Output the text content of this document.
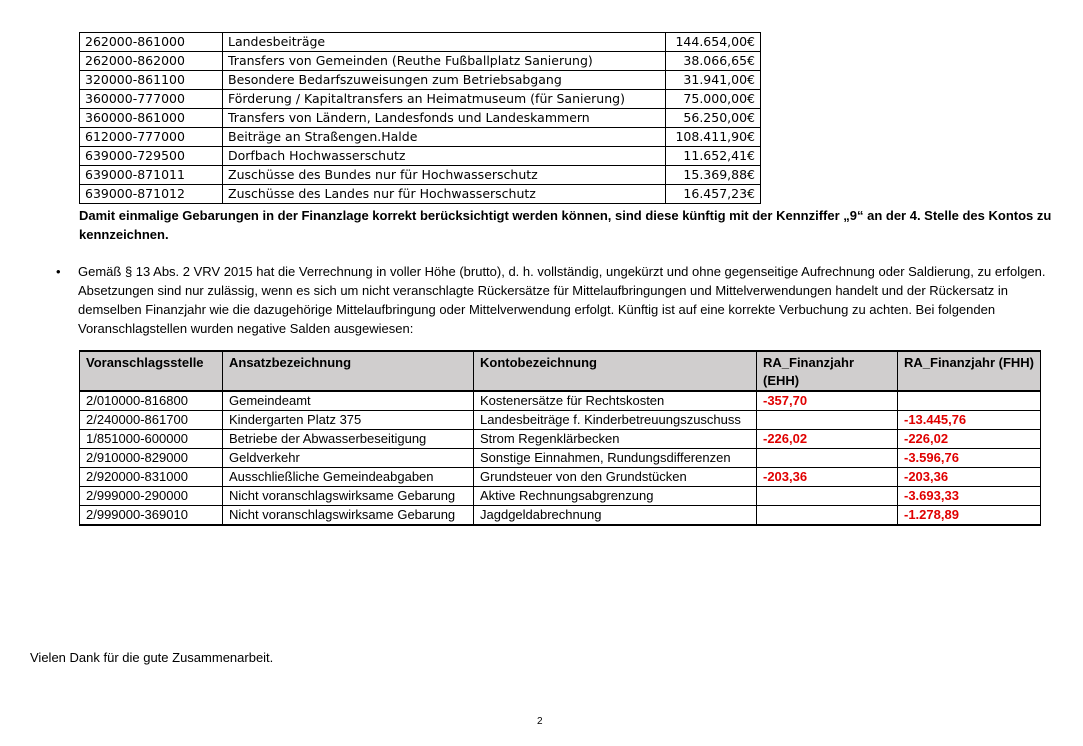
262000-861000	Landesbeiträge	144.654,00€
262000-862000	Transfers von Gemeinden (Reuthe Fußballplatz Sanierung)	38.066,65€
320000-861100	Besondere Bedarfszuweisungen zum Betriebsabgang	31.941,00€
360000-777000	Förderung / Kapitaltransfers an Heimatmuseum (für Sanierung)	75.000,00€
360000-861000	Transfers von Ländern, Landesfonds und Landeskammern	56.250,00€
612000-777000	Beiträge an Straßengen.Halde	108.411,90€
639000-729500	Dorfbach Hochwasserschutz	11.652,41€
639000-871011	Zuschüsse des Bundes nur für Hochwasserschutz	15.369,88€
639000-871012	Zuschüsse des Landes nur für Hochwasserschutz	16.457,23€
Damit einmalige Gebarungen in der Finanzlage korrekt berücksichtigt werden können, sind diese künftig mit der Kennziffer „9“ an der 4. Stelle des Kontos zu kennzeichnen.
• Gemäß § 13 Abs. 2 VRV 2015 hat die Verrechnung in voller Höhe (brutto), d. h. vollständig, ungekürzt und ohne gegenseitige Aufrechnung oder Saldierung, zu erfolgen. Absetzungen sind nur zulässig, wenn es sich um nicht veranschlagte Rückersätze für Mittelaufbringungen und Mittelverwendungen handelt und der Rückersatz in demselben Finanzjahr wie die dazugehörige Mittelaufbringung oder Mittelverwendung erfolgt. Künftig ist auf eine korrekte Verbuchung zu achten. Bei folgenden Voranschlagstellen wurden negative Salden ausgewiesen:
Voranschlagsstelle	Ansatzbezeichnung	Kontobezeichnung	RA_Finanzjahr (EHH)	RA_Finanzjahr (FHH)
2/010000-816800	Gemeindeamt	Kostenersätze für Rechtskosten	-357,70	
2/240000-861700	Kindergarten Platz 375	Landesbeiträge f. Kinderbetreuungszuschuss		-13.445,76
1/851000-600000	Betriebe der Abwasserbeseitigung	Strom Regenklärbecken	-226,02	-226,02
2/910000-829000	Geldverkehr	Sonstige Einnahmen, Rundungsdifferenzen		-3.596,76
2/920000-831000	Ausschließliche Gemeindeabgaben	Grundsteuer von den Grundstücken	-203,36	-203,36
2/999000-290000	Nicht voranschlagswirksame Gebarung	Aktive Rechnungsabgrenzung		-3.693,33
2/999000-369010	Nicht voranschlagswirksame Gebarung	Jagdgeldabrechnung		-1.278,89
Vielen Dank für die gute Zusammenarbeit.
2
